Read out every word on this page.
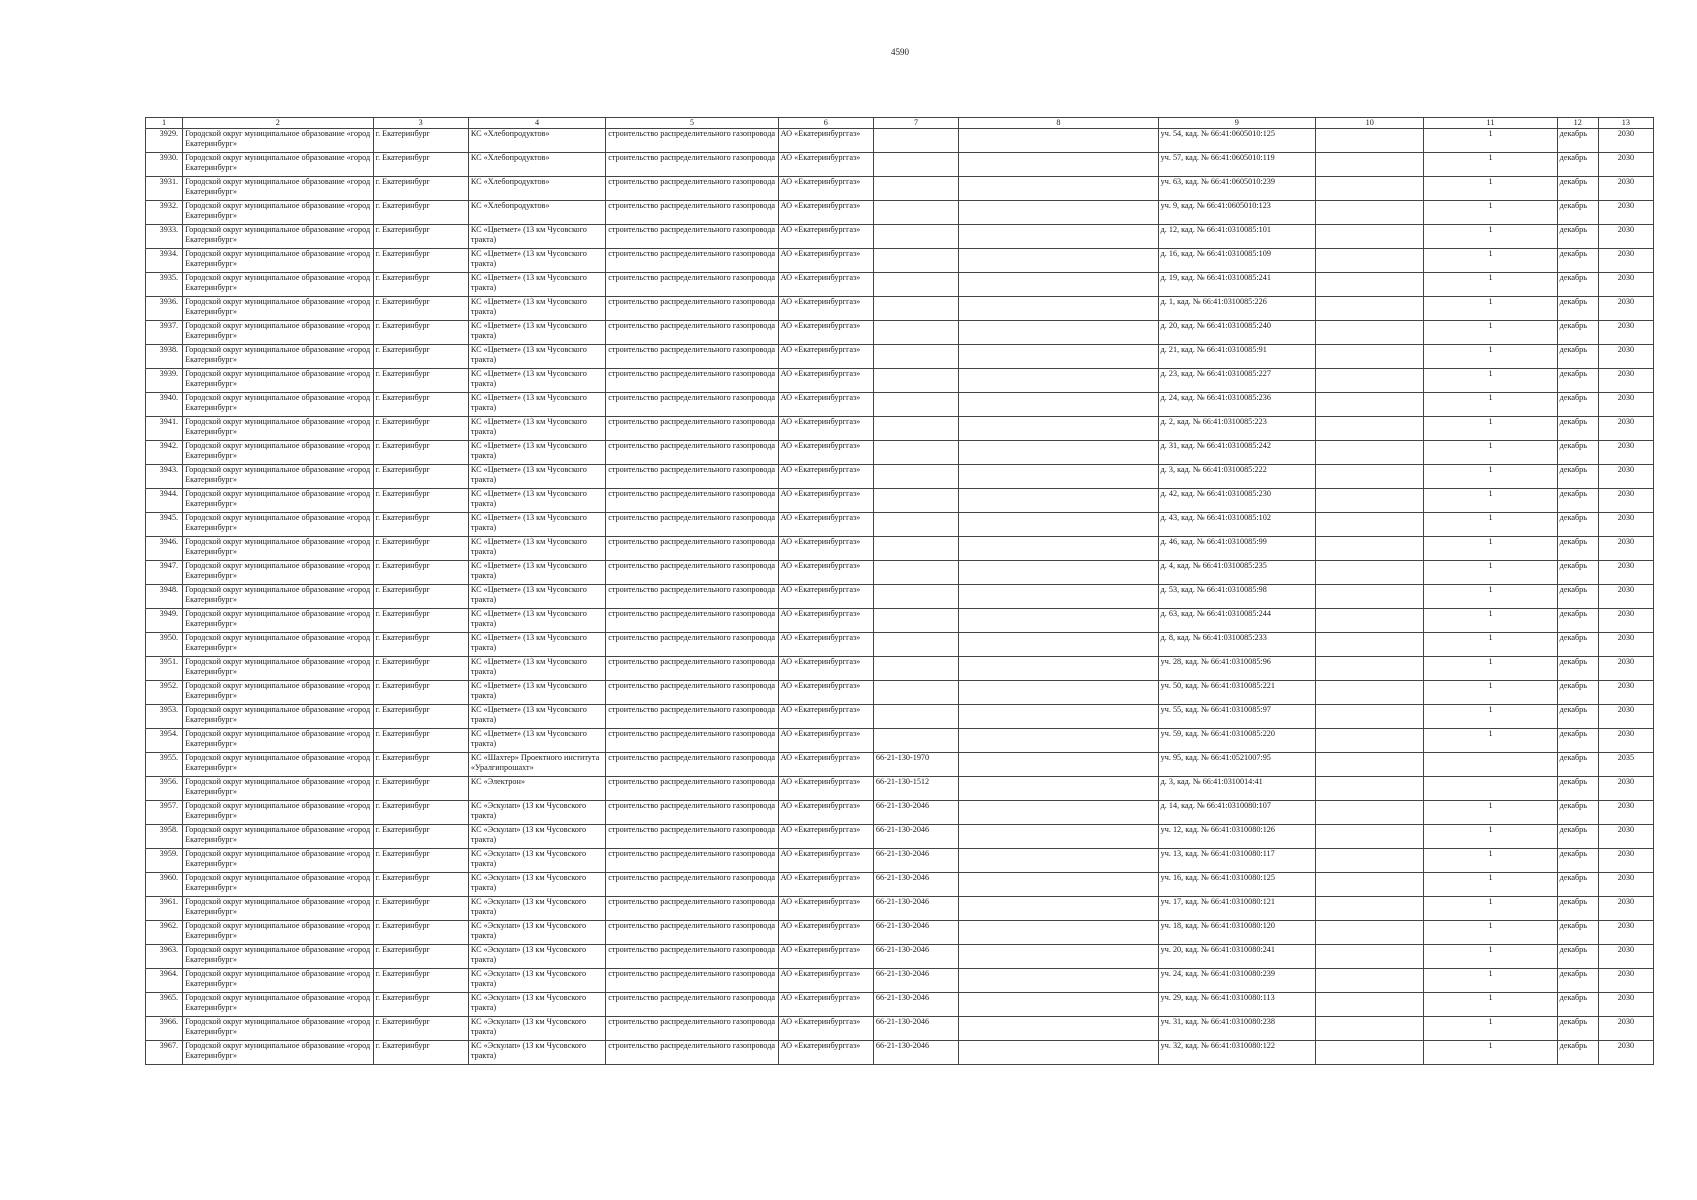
4590
1	2	3	4	5	6	7	8	9	10	11	12	13
3929.	Городской округ муниципальное образование «город Екатеринбург»	г. Екатеринбург	КС «Хлебопродуктов»	строительство распределительного газопровода	АО «Екатеринбурггаз»			уч. 54, кад. № 66:41:0605010:125		1	декабрь	2030
3930.	Городской округ муниципальное образование «город Екатеринбург»	г. Екатеринбург	КС «Хлебопродуктов»	строительство распределительного газопровода	АО «Екатеринбурггаз»			уч. 57, кад. № 66:41:0605010:119		1	декабрь	2030
3931.	Городской округ муниципальное образование «город Екатеринбург»	г. Екатеринбург	КС «Хлебопродуктов»	строительство распределительного газопровода	АО «Екатеринбурггаз»			уч. 63, кад. № 66:41:0605010:239		1	декабрь	2030
3932.	Городской округ муниципальное образование «город Екатеринбург»	г. Екатеринбург	КС «Хлебопродуктов»	строительство распределительного газопровода	АО «Екатеринбурггаз»			уч. 9, кад. № 66:41:0605010:123		1	декабрь	2030
3933.	Городской округ муниципальное образование «город Екатеринбург»	г. Екатеринбург	КС «Цветмет» (13 км Чусовского тракта)	строительство распределительного газопровода	АО «Екатеринбурггаз»			д. 12, кад. № 66:41:0310085:101		1	декабрь	2030
3934.	Городской округ муниципальное образование «город Екатеринбург»	г. Екатеринбург	КС «Цветмет» (13 км Чусовского тракта)	строительство распределительного газопровода	АО «Екатеринбурггаз»			д. 16, кад. № 66:41:0310085:109		1	декабрь	2030
3935.	Городской округ муниципальное образование «город Екатеринбург»	г. Екатеринбург	КС «Цветмет» (13 км Чусовского тракта)	строительство распределительного газопровода	АО «Екатеринбурггаз»			д. 19, кад. № 66:41:0310085:241		1	декабрь	2030
3936.	Городской округ муниципальное образование «город Екатеринбург»	г. Екатеринбург	КС «Цветмет» (13 км Чусовского тракта)	строительство распределительного газопровода	АО «Екатеринбурггаз»			д. 1, кад. № 66:41:0310085:226		1	декабрь	2030
3937.	Городской округ муниципальное образование «город Екатеринбург»	г. Екатеринбург	КС «Цветмет» (13 км Чусовского тракта)	строительство распределительного газопровода	АО «Екатеринбурггаз»			д. 20, кад. № 66:41:0310085:240		1	декабрь	2030
3938.	Городской округ муниципальное образование «город Екатеринбург»	г. Екатеринбург	КС «Цветмет» (13 км Чусовского тракта)	строительство распределительного газопровода	АО «Екатеринбурггаз»			д. 21, кад. № 66:41:0310085:91		1	декабрь	2030
3939.	Городской округ муниципальное образование «город Екатеринбург»	г. Екатеринбург	КС «Цветмет» (13 км Чусовского тракта)	строительство распределительного газопровода	АО «Екатеринбурггаз»			д. 23, кад. № 66:41:0310085:227		1	декабрь	2030
3940.	Городской округ муниципальное образование «город Екатеринбург»	г. Екатеринбург	КС «Цветмет» (13 км Чусовского тракта)	строительство распределительного газопровода	АО «Екатеринбурггаз»			д. 24, кад. № 66:41:0310085:236		1	декабрь	2030
3941.	Городской округ муниципальное образование «город Екатеринбург»	г. Екатеринбург	КС «Цветмет» (13 км Чусовского тракта)	строительство распределительного газопровода	АО «Екатеринбурггаз»			д. 2, кад. № 66:41:0310085:223		1	декабрь	2030
3942.	Городской округ муниципальное образование «город Екатеринбург»	г. Екатеринбург	КС «Цветмет» (13 км Чусовского тракта)	строительство распределительного газопровода	АО «Екатеринбурггаз»			д. 31, кад. № 66:41:0310085:242		1	декабрь	2030
3943.	Городской округ муниципальное образование «город Екатеринбург»	г. Екатеринбург	КС «Цветмет» (13 км Чусовского тракта)	строительство распределительного газопровода	АО «Екатеринбурггаз»			д. 3, кад. № 66:41:0310085:222		1	декабрь	2030
3944.	Городской округ муниципальное образование «город Екатеринбург»	г. Екатеринбург	КС «Цветмет» (13 км Чусовского тракта)	строительство распределительного газопровода	АО «Екатеринбурггаз»			д. 42, кад. № 66:41:0310085:230		1	декабрь	2030
3945.	Городской округ муниципальное образование «город Екатеринбург»	г. Екатеринбург	КС «Цветмет» (13 км Чусовского тракта)	строительство распределительного газопровода	АО «Екатеринбурггаз»			д. 43, кад. № 66:41:0310085:102		1	декабрь	2030
3946.	Городской округ муниципальное образование «город Екатеринбург»	г. Екатеринбург	КС «Цветмет» (13 км Чусовского тракта)	строительство распределительного газопровода	АО «Екатеринбурггаз»			д. 46, кад. № 66:41:0310085:99		1	декабрь	2030
3947.	Городской округ муниципальное образование «город Екатеринбург»	г. Екатеринбург	КС «Цветмет» (13 км Чусовского тракта)	строительство распределительного газопровода	АО «Екатеринбурггаз»			д. 4, кад. № 66:41:0310085:235		1	декабрь	2030
3948.	Городской округ муниципальное образование «город Екатеринбург»	г. Екатеринбург	КС «Цветмет» (13 км Чусовского тракта)	строительство распределительного газопровода	АО «Екатеринбурггаз»			д. 53, кад. № 66:41:0310085:98		1	декабрь	2030
3949.	Городской округ муниципальное образование «город Екатеринбург»	г. Екатеринбург	КС «Цветмет» (13 км Чусовского тракта)	строительство распределительного газопровода	АО «Екатеринбурггаз»			д. 63, кад. № 66:41:0310085:244		1	декабрь	2030
3950.	Городской округ муниципальное образование «город Екатеринбург»	г. Екатеринбург	КС «Цветмет» (13 км Чусовского тракта)	строительство распределительного газопровода	АО «Екатеринбурггаз»			д. 8, кад. № 66:41:0310085:233		1	декабрь	2030
3951.	Городской округ муниципальное образование «город Екатеринбург»	г. Екатеринбург	КС «Цветмет» (13 км Чусовского тракта)	строительство распределительного газопровода	АО «Екатеринбурггаз»			уч. 28, кад. № 66:41:0310085:96		1	декабрь	2030
3952.	Городской округ муниципальное образование «город Екатеринбург»	г. Екатеринбург	КС «Цветмет» (13 км Чусовского тракта)	строительство распределительного газопровода	АО «Екатеринбурггаз»			уч. 50, кад. № 66:41:0310085:221		1	декабрь	2030
3953.	Городской округ муниципальное образование «город Екатеринбург»	г. Екатеринбург	КС «Цветмет» (13 км Чусовского тракта)	строительство распределительного газопровода	АО «Екатеринбурггаз»			уч. 55, кад. № 66:41:0310085:97		1	декабрь	2030
3954.	Городской округ муниципальное образование «город Екатеринбург»	г. Екатеринбург	КС «Цветмет» (13 км Чусовского тракта)	строительство распределительного газопровода	АО «Екатеринбурггаз»			уч. 59, кад. № 66:41:0310085:220		1	декабрь	2030
3955.	Городской округ муниципальное образование «город Екатеринбург»	г. Екатеринбург	КС «Шахтер» Проектного института «Уралгипрошахт»	строительство распределительного газопровода	АО «Екатеринбурггаз»	66-21-130-1970		уч. 95, кад. № 66:41:0521007:95			декабрь	2035
3956.	Городской округ муниципальное образование «город Екатеринбург»	г. Екатеринбург	КС «Электрон»	строительство распределительного газопровода	АО «Екатеринбурггаз»	66-21-130-1512		д. 3, кад. № 66:41:0310014:41			декабрь	2030
3957.	Городской округ муниципальное образование «город Екатеринбург»	г. Екатеринбург	КС «Эскулап» (13 км Чусовского тракта)	строительство распределительного газопровода	АО «Екатеринбурггаз»	66-21-130-2046		д. 14, кад. № 66:41:0310080:107		1	декабрь	2030
3958.	Городской округ муниципальное образование «город Екатеринбург»	г. Екатеринбург	КС «Эскулап» (13 км Чусовского тракта)	строительство распределительного газопровода	АО «Екатеринбурггаз»	66-21-130-2046		уч. 12, кад. № 66:41:0310080:126		1	декабрь	2030
3959.	Городской округ муниципальное образование «город Екатеринбург»	г. Екатеринбург	КС «Эскулап» (13 км Чусовского тракта)	строительство распределительного газопровода	АО «Екатеринбурггаз»	66-21-130-2046		уч. 13, кад. № 66:41:0310080:117		1	декабрь	2030
3960.	Городской округ муниципальное образование «город Екатеринбург»	г. Екатеринбург	КС «Эскулап» (13 км Чусовского тракта)	строительство распределительного газопровода	АО «Екатеринбурггаз»	66-21-130-2046		уч. 16, кад. № 66:41:0310080:125		1	декабрь	2030
3961.	Городской округ муниципальное образование «город Екатеринбург»	г. Екатеринбург	КС «Эскулап» (13 км Чусовского тракта)	строительство распределительного газопровода	АО «Екатеринбурггаз»	66-21-130-2046		уч. 17, кад. № 66:41:0310080:121		1	декабрь	2030
3962.	Городской округ муниципальное образование «город Екатеринбург»	г. Екатеринбург	КС «Эскулап» (13 км Чусовского тракта)	строительство распределительного газопровода	АО «Екатеринбурггаз»	66-21-130-2046		уч. 18, кад. № 66:41:0310080:120		1	декабрь	2030
3963.	Городской округ муниципальное образование «город Екатеринбург»	г. Екатеринбург	КС «Эскулап» (13 км Чусовского тракта)	строительство распределительного газопровода	АО «Екатеринбурггаз»	66-21-130-2046		уч. 20, кад. № 66:41:0310080:241		1	декабрь	2030
3964.	Городской округ муниципальное образование «город Екатеринбург»	г. Екатеринбург	КС «Эскулап» (13 км Чусовского тракта)	строительство распределительного газопровода	АО «Екатеринбурггаз»	66-21-130-2046		уч. 24, кад. № 66:41:0310080:239		1	декабрь	2030
3965.	Городской округ муниципальное образование «город Екатеринбург»	г. Екатеринбург	КС «Эскулап» (13 км Чусовского тракта)	строительство распределительного газопровода	АО «Екатеринбурггаз»	66-21-130-2046		уч. 29, кад. № 66:41:0310080:113		1	декабрь	2030
3966.	Городской округ муниципальное образование «город Екатеринбург»	г. Екатеринбург	КС «Эскулап» (13 км Чусовского тракта)	строительство распределительного газопровода	АО «Екатеринбурггаз»	66-21-130-2046		уч. 31, кад. № 66:41:0310080:238		1	декабрь	2030
3967.	Городской округ муниципальное образование «город Екатеринбург»	г. Екатеринбург	КС «Эскулап» (13 км Чусовского тракта)	строительство распределительного газопровода	АО «Екатеринбурггаз»	66-21-130-2046		уч. 32, кад. № 66:41:0310080:122		1	декабрь	2030
